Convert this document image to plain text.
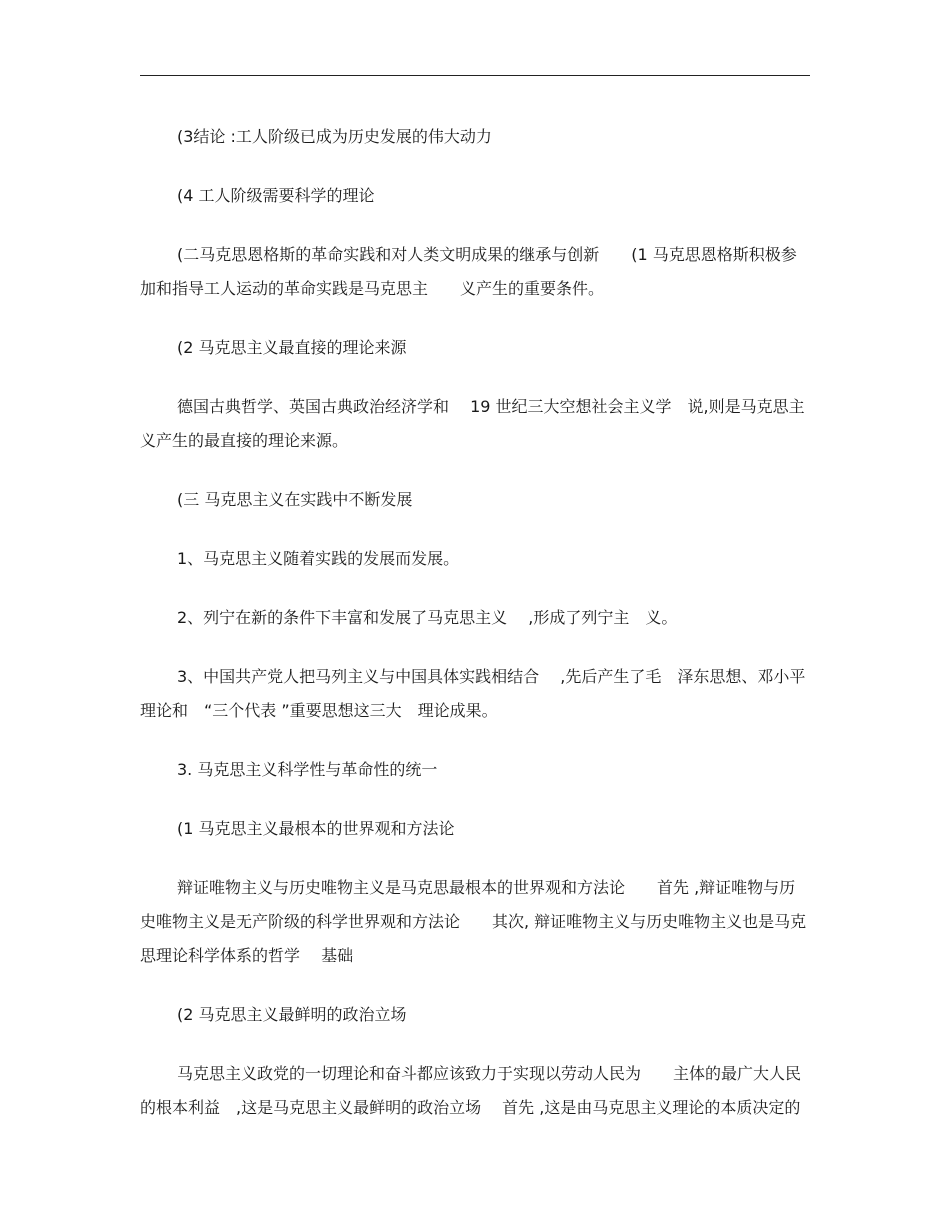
(3结论 :工人阶级已成为历史发展的伟大动力

(4 工人阶级需要科学的理论

(二马克思恩格斯的革命实践和对人类文明成果的继承与创新　　(1 马克思恩格斯积极参加和指导工人运动的革命实践是马克思主　　义产生的重要条件。

(2 马克思主义最直接的理论来源

德国古典哲学、英国古典政治经济学和　 19 世纪三大空想社会主义学　说,则是马克思主义产生的最直接的理论来源。

(三 马克思主义在实践中不断发展

1、马克思主义随着实践的发展而发展。

2、列宁在新的条件下丰富和发展了马克思主义　 ,形成了列宁主　义。

3、中国共产党人把马列主义与中国具体实践相结合　 ,先后产生了毛　泽东思想、邓小平理论和　“三个代表 ”重要思想这三大　理论成果。

3. 马克思主义科学性与革命性的统一

(1 马克思主义最根本的世界观和方法论

辩证唯物主义与历史唯物主义是马克思最根本的世界观和方法论　　首先 ,辩证唯物与历史唯物主义是无产阶级的科学世界观和方法论　　其次, 辩证唯物主义与历史唯物主义也是马克思理论科学体系的哲学　 基础

(2 马克思主义最鲜明的政治立场

马克思主义政党的一切理论和奋斗都应该致力于实现以劳动人民为　　主体的最广大人民的根本利益　,这是马克思主义最鲜明的政治立场　 首先 ,这是由马克思主义理论的本质决定的
